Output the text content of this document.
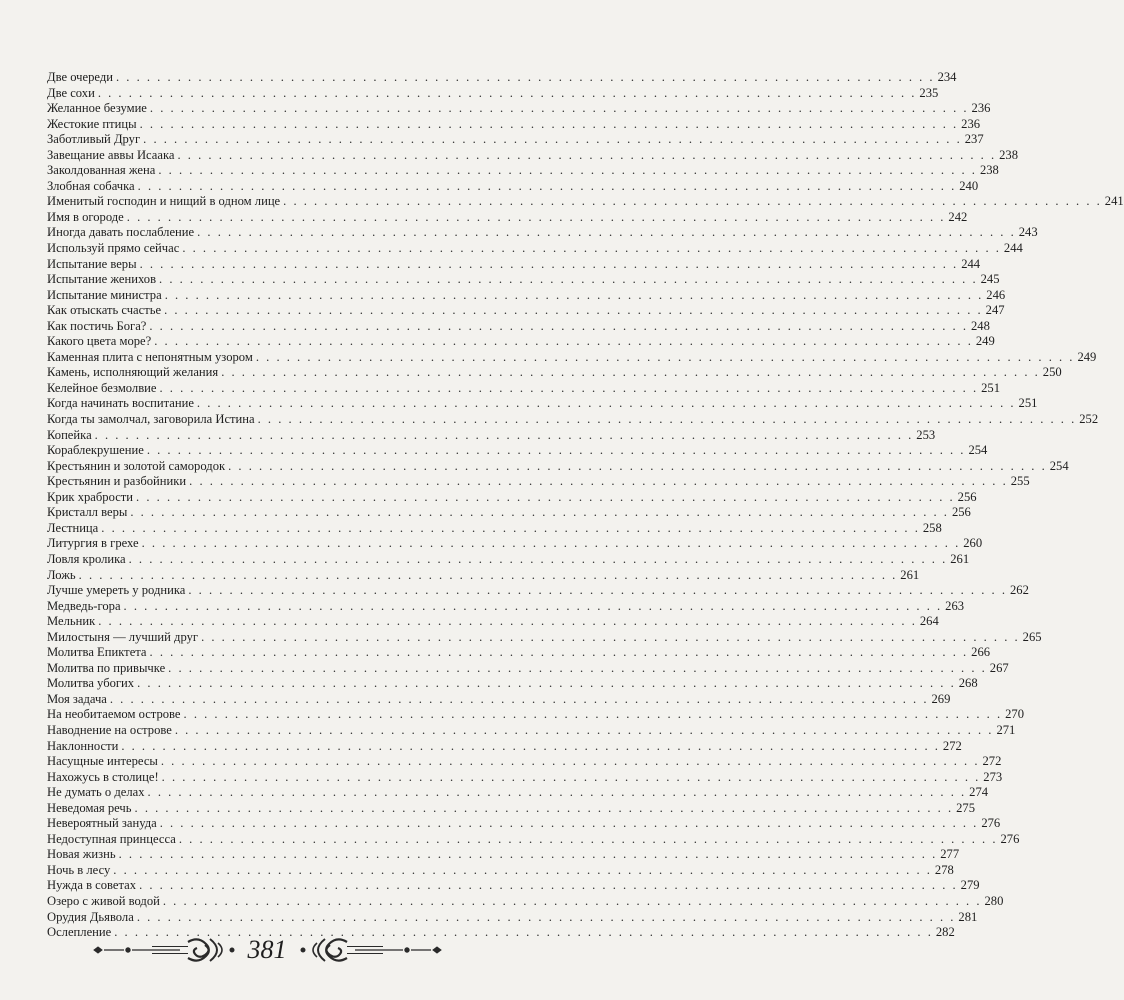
Две очереди . . . . . . . . . . . . . . . . . . . . . . . . . . . . . . . . . . . . . . . . . . . . . . . . . . . . . . . . . . . . . . . . . . . . . . . . . . . . . . . . 234
Две сохи . . . . . . . . . . . . . . . . . . . . . . . . . . . . . . . . . . . . . . . . . . . . . . . . . . . . . . . . . . . . . . . . . . . . . . . . . . . . . . . . 235
Желанное безумие . . . . . . . . . . . . . . . . . . . . . . . . . . . . . . . . . . . . . . . . . . . . . . . . . . . . . . . . . . . . . . . . . . . . . . . . . . . . . . . . 236
Жестокие птицы . . . . . . . . . . . . . . . . . . . . . . . . . . . . . . . . . . . . . . . . . . . . . . . . . . . . . . . . . . . . . . . . . . . . . . . . . . . . . . . . 236
Заботливый Друг . . . . . . . . . . . . . . . . . . . . . . . . . . . . . . . . . . . . . . . . . . . . . . . . . . . . . . . . . . . . . . . . . . . . . . . . . . . . . . . . 237
Завещание аввы Исаака . . . . . . . . . . . . . . . . . . . . . . . . . . . . . . . . . . . . . . . . . . . . . . . . . . . . . . . . . . . . . . . . . . . . . . . . . . . . . . . . 238
Заколдованная жена . . . . . . . . . . . . . . . . . . . . . . . . . . . . . . . . . . . . . . . . . . . . . . . . . . . . . . . . . . . . . . . . . . . . . . . . . . . . . . . . 238
Злобная собачка . . . . . . . . . . . . . . . . . . . . . . . . . . . . . . . . . . . . . . . . . . . . . . . . . . . . . . . . . . . . . . . . . . . . . . . . . . . . . . . . 240
Именитый господин и нищий в одном лице . . . . . . . . . . . . . . . . . . . . . . . . . . . . . . . . . . . . . . . . . . . . . . . . . . . . . . . . . . . . . . . . . . . . . . . . . . . . . . . . 241
Имя в огороде . . . . . . . . . . . . . . . . . . . . . . . . . . . . . . . . . . . . . . . . . . . . . . . . . . . . . . . . . . . . . . . . . . . . . . . . . . . . . . . . 242
Иногда давать послабление . . . . . . . . . . . . . . . . . . . . . . . . . . . . . . . . . . . . . . . . . . . . . . . . . . . . . . . . . . . . . . . . . . . . . . . . . . . . . . . . 243
Используй прямо сейчас . . . . . . . . . . . . . . . . . . . . . . . . . . . . . . . . . . . . . . . . . . . . . . . . . . . . . . . . . . . . . . . . . . . . . . . . . . . . . . . . 244
Испытание веры . . . . . . . . . . . . . . . . . . . . . . . . . . . . . . . . . . . . . . . . . . . . . . . . . . . . . . . . . . . . . . . . . . . . . . . . . . . . . . . . 244
Испытание женихов . . . . . . . . . . . . . . . . . . . . . . . . . . . . . . . . . . . . . . . . . . . . . . . . . . . . . . . . . . . . . . . . . . . . . . . . . . . . . . . . 245
Испытание министра . . . . . . . . . . . . . . . . . . . . . . . . . . . . . . . . . . . . . . . . . . . . . . . . . . . . . . . . . . . . . . . . . . . . . . . . . . . . . . . . 246
Как отыскать счастье . . . . . . . . . . . . . . . . . . . . . . . . . . . . . . . . . . . . . . . . . . . . . . . . . . . . . . . . . . . . . . . . . . . . . . . . . . . . . . . . 247
Как постичь Бога? . . . . . . . . . . . . . . . . . . . . . . . . . . . . . . . . . . . . . . . . . . . . . . . . . . . . . . . . . . . . . . . . . . . . . . . . . . . . . . . . 248
Какого цвета море? . . . . . . . . . . . . . . . . . . . . . . . . . . . . . . . . . . . . . . . . . . . . . . . . . . . . . . . . . . . . . . . . . . . . . . . . . . . . . . . . 249
Каменная плита с непонятным узором . . . . . . . . . . . . . . . . . . . . . . . . . . . . . . . . . . . . . . . . . . . . . . . . . . . . . . . . . . . . . . . . . . . . . . . . . . . . . . . . 249
Камень, исполняющий желания . . . . . . . . . . . . . . . . . . . . . . . . . . . . . . . . . . . . . . . . . . . . . . . . . . . . . . . . . . . . . . . . . . . . . . . . . . . . . . . . 250
Келейное безмолвие . . . . . . . . . . . . . . . . . . . . . . . . . . . . . . . . . . . . . . . . . . . . . . . . . . . . . . . . . . . . . . . . . . . . . . . . . . . . . . . . 251
Когда начинать воспитание . . . . . . . . . . . . . . . . . . . . . . . . . . . . . . . . . . . . . . . . . . . . . . . . . . . . . . . . . . . . . . . . . . . . . . . . . . . . . . . . 251
Когда ты замолчал, заговорила Истина . . . . . . . . . . . . . . . . . . . . . . . . . . . . . . . . . . . . . . . . . . . . . . . . . . . . . . . . . . . . . . . . . . . . . . . . . . . . . . . . 252
Копейка . . . . . . . . . . . . . . . . . . . . . . . . . . . . . . . . . . . . . . . . . . . . . . . . . . . . . . . . . . . . . . . . . . . . . . . . . . . . . . . . 253
Кораблекрушение . . . . . . . . . . . . . . . . . . . . . . . . . . . . . . . . . . . . . . . . . . . . . . . . . . . . . . . . . . . . . . . . . . . . . . . . . . . . . . . . 254
Крестьянин и золотой самородок . . . . . . . . . . . . . . . . . . . . . . . . . . . . . . . . . . . . . . . . . . . . . . . . . . . . . . . . . . . . . . . . . . . . . . . . . . . . . . . . 254
Крестьянин и разбойники . . . . . . . . . . . . . . . . . . . . . . . . . . . . . . . . . . . . . . . . . . . . . . . . . . . . . . . . . . . . . . . . . . . . . . . . . . . . . . . . 255
Крик храбрости . . . . . . . . . . . . . . . . . . . . . . . . . . . . . . . . . . . . . . . . . . . . . . . . . . . . . . . . . . . . . . . . . . . . . . . . . . . . . . . . 256
Кристалл веры . . . . . . . . . . . . . . . . . . . . . . . . . . . . . . . . . . . . . . . . . . . . . . . . . . . . . . . . . . . . . . . . . . . . . . . . . . . . . . . . 256
Лестница . . . . . . . . . . . . . . . . . . . . . . . . . . . . . . . . . . . . . . . . . . . . . . . . . . . . . . . . . . . . . . . . . . . . . . . . . . . . . . . . 258
Литургия в грехе . . . . . . . . . . . . . . . . . . . . . . . . . . . . . . . . . . . . . . . . . . . . . . . . . . . . . . . . . . . . . . . . . . . . . . . . . . . . . . . . 260
Ловля кролика . . . . . . . . . . . . . . . . . . . . . . . . . . . . . . . . . . . . . . . . . . . . . . . . . . . . . . . . . . . . . . . . . . . . . . . . . . . . . . . . 261
Ложь . . . . . . . . . . . . . . . . . . . . . . . . . . . . . . . . . . . . . . . . . . . . . . . . . . . . . . . . . . . . . . . . . . . . . . . . . . . . . . . . 261
Лучше умереть у родника . . . . . . . . . . . . . . . . . . . . . . . . . . . . . . . . . . . . . . . . . . . . . . . . . . . . . . . . . . . . . . . . . . . . . . . . . . . . . . . . 262
Медведь-гора . . . . . . . . . . . . . . . . . . . . . . . . . . . . . . . . . . . . . . . . . . . . . . . . . . . . . . . . . . . . . . . . . . . . . . . . . . . . . . . . 263
Мельник . . . . . . . . . . . . . . . . . . . . . . . . . . . . . . . . . . . . . . . . . . . . . . . . . . . . . . . . . . . . . . . . . . . . . . . . . . . . . . . . 264
Милостыня — лучший друг . . . . . . . . . . . . . . . . . . . . . . . . . . . . . . . . . . . . . . . . . . . . . . . . . . . . . . . . . . . . . . . . . . . . . . . . . . . . . . . . 265
Молитва Епиктета . . . . . . . . . . . . . . . . . . . . . . . . . . . . . . . . . . . . . . . . . . . . . . . . . . . . . . . . . . . . . . . . . . . . . . . . . . . . . . . . 266
Молитва по привычке . . . . . . . . . . . . . . . . . . . . . . . . . . . . . . . . . . . . . . . . . . . . . . . . . . . . . . . . . . . . . . . . . . . . . . . . . . . . . . . . 267
Молитва убогих . . . . . . . . . . . . . . . . . . . . . . . . . . . . . . . . . . . . . . . . . . . . . . . . . . . . . . . . . . . . . . . . . . . . . . . . . . . . . . . . 268
Моя задача . . . . . . . . . . . . . . . . . . . . . . . . . . . . . . . . . . . . . . . . . . . . . . . . . . . . . . . . . . . . . . . . . . . . . . . . . . . . . . . . 269
На необитаемом острове . . . . . . . . . . . . . . . . . . . . . . . . . . . . . . . . . . . . . . . . . . . . . . . . . . . . . . . . . . . . . . . . . . . . . . . . . . . . . . . . 270
Наводнение на острове . . . . . . . . . . . . . . . . . . . . . . . . . . . . . . . . . . . . . . . . . . . . . . . . . . . . . . . . . . . . . . . . . . . . . . . . . . . . . . . . 271
Наклонности . . . . . . . . . . . . . . . . . . . . . . . . . . . . . . . . . . . . . . . . . . . . . . . . . . . . . . . . . . . . . . . . . . . . . . . . . . . . . . . . 272
Насущные интересы . . . . . . . . . . . . . . . . . . . . . . . . . . . . . . . . . . . . . . . . . . . . . . . . . . . . . . . . . . . . . . . . . . . . . . . . . . . . . . . . 272
Нахожусь в столице! . . . . . . . . . . . . . . . . . . . . . . . . . . . . . . . . . . . . . . . . . . . . . . . . . . . . . . . . . . . . . . . . . . . . . . . . . . . . . . . . 273
Не думать о делах . . . . . . . . . . . . . . . . . . . . . . . . . . . . . . . . . . . . . . . . . . . . . . . . . . . . . . . . . . . . . . . . . . . . . . . . . . . . . . . . 274
Неведомая речь . . . . . . . . . . . . . . . . . . . . . . . . . . . . . . . . . . . . . . . . . . . . . . . . . . . . . . . . . . . . . . . . . . . . . . . . . . . . . . . . 275
Невероятный зануда . . . . . . . . . . . . . . . . . . . . . . . . . . . . . . . . . . . . . . . . . . . . . . . . . . . . . . . . . . . . . . . . . . . . . . . . . . . . . . . . 276
Недоступная принцесса . . . . . . . . . . . . . . . . . . . . . . . . . . . . . . . . . . . . . . . . . . . . . . . . . . . . . . . . . . . . . . . . . . . . . . . . . . . . . . . . 276
Новая жизнь . . . . . . . . . . . . . . . . . . . . . . . . . . . . . . . . . . . . . . . . . . . . . . . . . . . . . . . . . . . . . . . . . . . . . . . . . . . . . . . . 277
Ночь в лесу . . . . . . . . . . . . . . . . . . . . . . . . . . . . . . . . . . . . . . . . . . . . . . . . . . . . . . . . . . . . . . . . . . . . . . . . . . . . . . . . 278
Нужда в советах . . . . . . . . . . . . . . . . . . . . . . . . . . . . . . . . . . . . . . . . . . . . . . . . . . . . . . . . . . . . . . . . . . . . . . . . . . . . . . . . 279
Озеро с живой водой . . . . . . . . . . . . . . . . . . . . . . . . . . . . . . . . . . . . . . . . . . . . . . . . . . . . . . . . . . . . . . . . . . . . . . . . . . . . . . . . 280
Орудия Дьявола . . . . . . . . . . . . . . . . . . . . . . . . . . . . . . . . . . . . . . . . . . . . . . . . . . . . . . . . . . . . . . . . . . . . . . . . . . . . . . . . 281
Ослепление . . . . . . . . . . . . . . . . . . . . . . . . . . . . . . . . . . . . . . . . . . . . . . . . . . . . . . . . . . . . . . . . . . . . . . . . . . . . . . . . 282
381
